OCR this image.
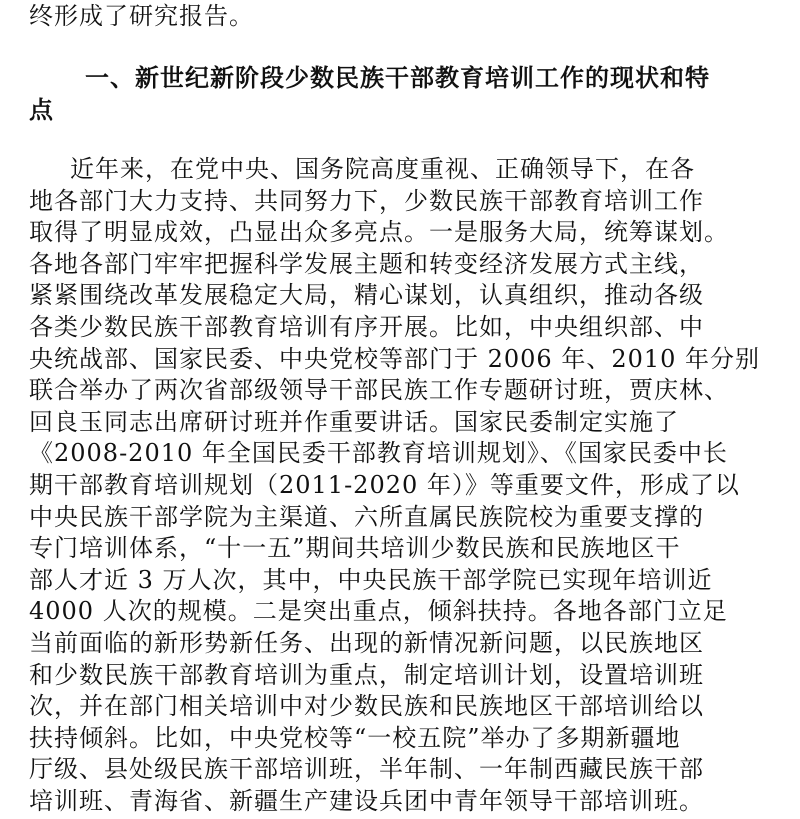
终形成了研究报告。
一、新世纪新阶段少数民族干部教育培训工作的现状和特
点
近年来，在党中央、国务院高度重视、正确领导下，在各
地各部门大力支持、共同努力下，少数民族干部教育培训工作
取得了明显成效，凸显出众多亮点。一是服务大局，统筹谋划。
各地各部门牢牢把握科学发展主题和转变经济发展方式主线，
紧紧围绕改革发展稳定大局，精心谋划，认真组织，推动各级
各类少数民族干部教育培训有序开展。比如，中央组织部、中
央统战部、国家民委、中央党校等部门于 2006 年、2010 年分别
联合举办了两次省部级领导干部民族工作专题研讨班，贾庆林、
回良玉同志出席研讨班并作重要讲话。国家民委制定实施了
《2008-2010 年全国民委干部教育培训规划》、《国家民委中长
期干部教育培训规划（2011-2020 年）》等重要文件，形成了以
中央民族干部学院为主渠道、六所直属民族院校为重要支撑的
专门培训体系，“十一五”期间共培训少数民族和民族地区干
部人才近 3 万人次，其中，中央民族干部学院已实现年培训近
4000 人次的规模。二是突出重点，倾斜扶持。各地各部门立足
当前面临的新形势新任务、出现的新情况新问题，以民族地区
和少数民族干部教育培训为重点，制定培训计划，设置培训班
次，并在部门相关培训中对少数民族和民族地区干部培训给以
扶持倾斜。比如，中央党校等“一校五院”举办了多期新疆地
厅级、县处级民族干部培训班，半年制、一年制西藏民族干部
培训班、青海省、新疆生产建设兵团中青年领导干部培训班。
